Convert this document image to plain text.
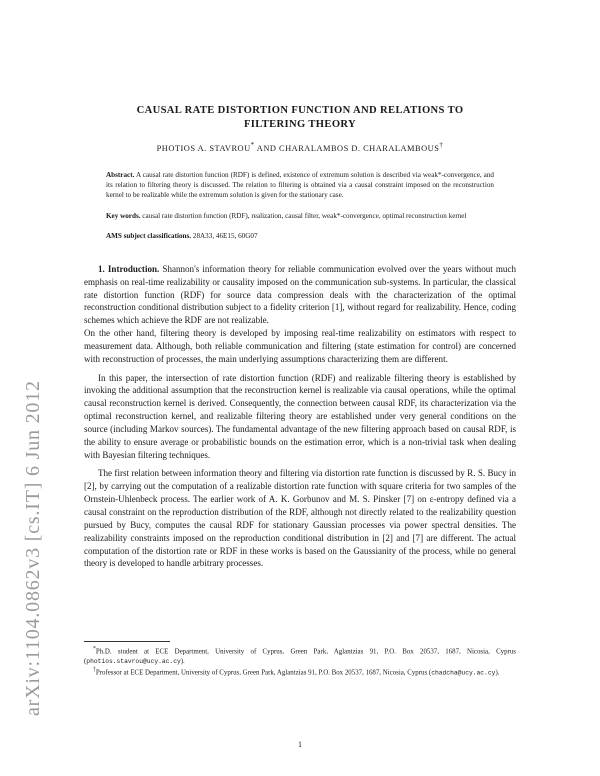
arXiv:1104.0862v3 [cs.IT] 6 Jun 2012
CAUSAL RATE DISTORTION FUNCTION AND RELATIONS TO
FILTERING THEORY
PHOTIOS A. STAVROU* AND CHARALAMBOS D. CHARALAMBOUS†
Abstract. A causal rate distortion function (RDF) is defined, existence of extremum solution is described via weak*-convergence, and its relation to filtering theory is discussed. The relation to filtering is obtained via a causal constraint imposed on the reconstruction kernel to be realizable while the extremum solution is given for the stationary case.
Key words. causal rate distortion function (RDF), realization, causal filter, weak*-convergence, optimal reconstruction kernel
AMS subject classifications. 28A33, 46E15, 60G07

1. Introduction. Shannon's information theory for reliable communication evolved over the years without much emphasis on real-time realizability or causality imposed on the communication sub-systems. In particular, the classical rate distortion function (RDF) for source data compression deals with the characterization of the optimal reconstruction conditional distribution subject to a fidelity criterion [1], without regard for realizability. Hence, coding schemes which achieve the RDF are not realizable.

On the other hand, filtering theory is developed by imposing real-time realizability on estimators with respect to measurement data. Although, both reliable communication and filtering (state estimation for control) are concerned with reconstruction of processes, the main underlying assumptions characterizing them are different.

In this paper, the intersection of rate distortion function (RDF) and realizable filtering theory is established by invoking the additional assumption that the reconstruction kernel is realizable via causal operations, while the optimal causal reconstruction kernel is derived. Consequently, the connection between causal RDF, its characterization via the optimal reconstruction kernel, and realizable filtering theory are established under very general conditions on the source (including Markov sources). The fundamental advantage of the new filtering approach based on causal RDF, is the ability to ensure average or probabilistic bounds on the estimation error, which is a non-trivial task when dealing with Bayesian filtering techniques.

The first relation between information theory and filtering via distortion rate function is discussed by R. S. Bucy in [2], by carrying out the computation of a realizable distortion rate function with square criteria for two samples of the Ornstein-Uhlenbeck process. The earlier work of A. K. Gorbunov and M. S. Pinsker [7] on ε-entropy defined via a causal constraint on the reproduction distribution of the RDF, although not directly related to the realizability question pursued by Bucy, computes the causal RDF for stationary Gaussian processes via power spectral densities. The realizability constraints imposed on the reproduction conditional distribution in [2] and [7] are different. The actual computation of the distortion rate or RDF in these works is based on the Gaussianity of the process, while no general theory is developed to handle arbitrary processes.

*Ph.D. student at ECE Department, University of Cyprus, Green Park, Aglantzias 91, P.O. Box 20537, 1687, Nicosia, Cyprus (photios.stavrou@ucy.ac.cy).

†Professor at ECE Department, University of Cyprus, Green Park, Aglantzias 91, P.O. Box 20537, 1687, Nicosia, Cyprus (chadcha@ucy.ac.cy).

1
